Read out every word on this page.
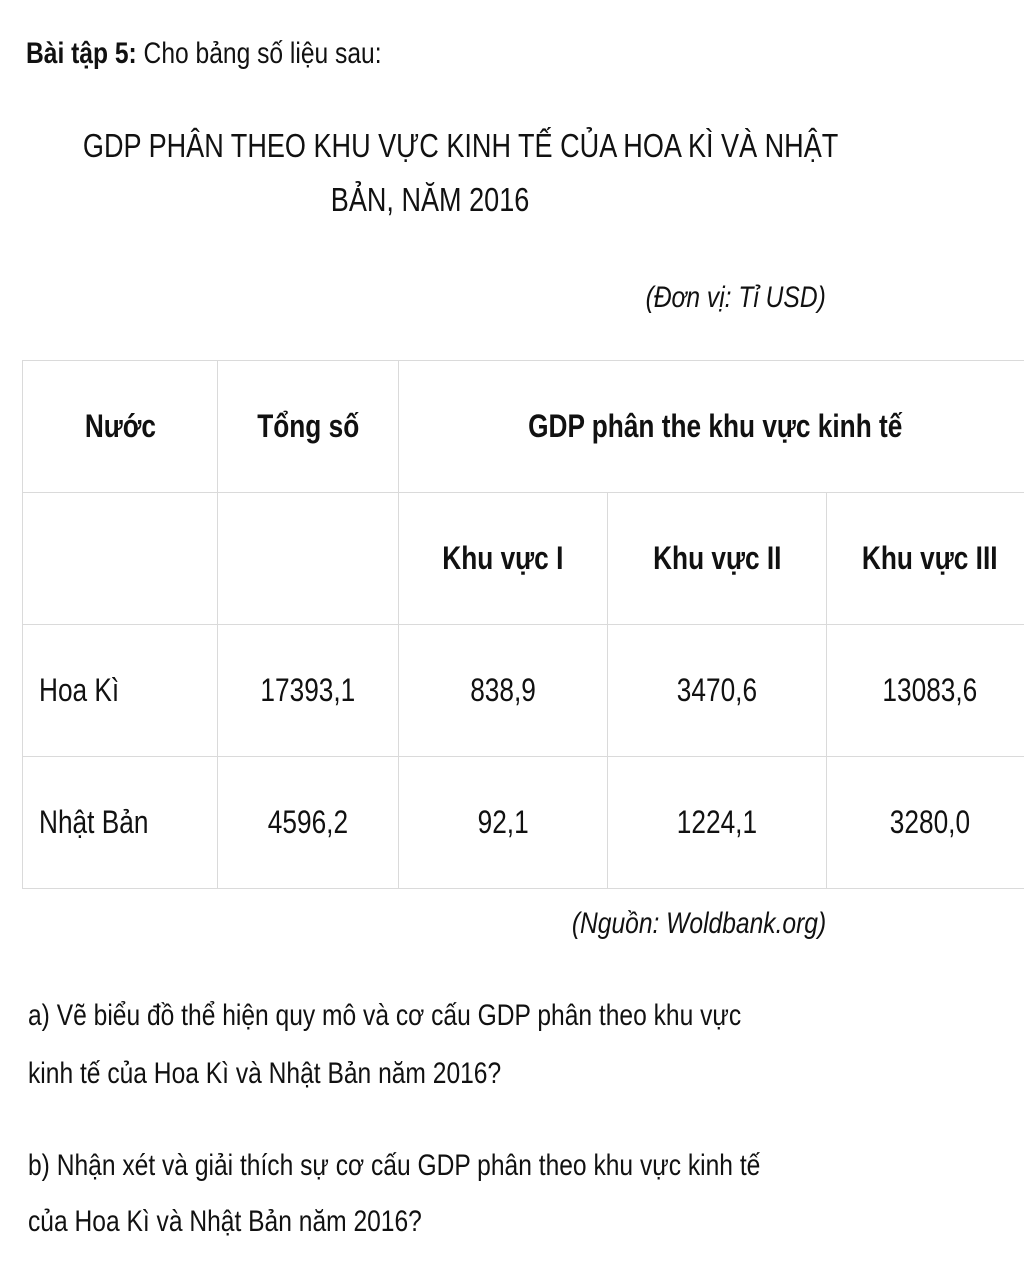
Bài tập 5: Cho bảng số liệu sau:
GDP PHÂN THEO KHU VỰC KINH TẾ CỦA HOA KÌ VÀ NHẬT
BẢN, NĂM 2016
(Đơn vị: Tỉ USD)
Nước	Tổng số	GDP phân the khu vực kinh tế		
		Khu vực I	Khu vực II	Khu vực III
Hoa Kì	17393,1	838,9	3470,6	13083,6
Nhật Bản	4596,2	92,1	1224,1	3280,0
(Nguồn: Woldbank.org)
a) Vẽ biểu đồ thể hiện quy mô và cơ cấu GDP phân theo khu vực
kinh tế của Hoa Kì và Nhật Bản năm 2016?
b) Nhận xét và giải thích sự cơ cấu GDP phân theo khu vực kinh tế
của Hoa Kì và Nhật Bản năm 2016?
